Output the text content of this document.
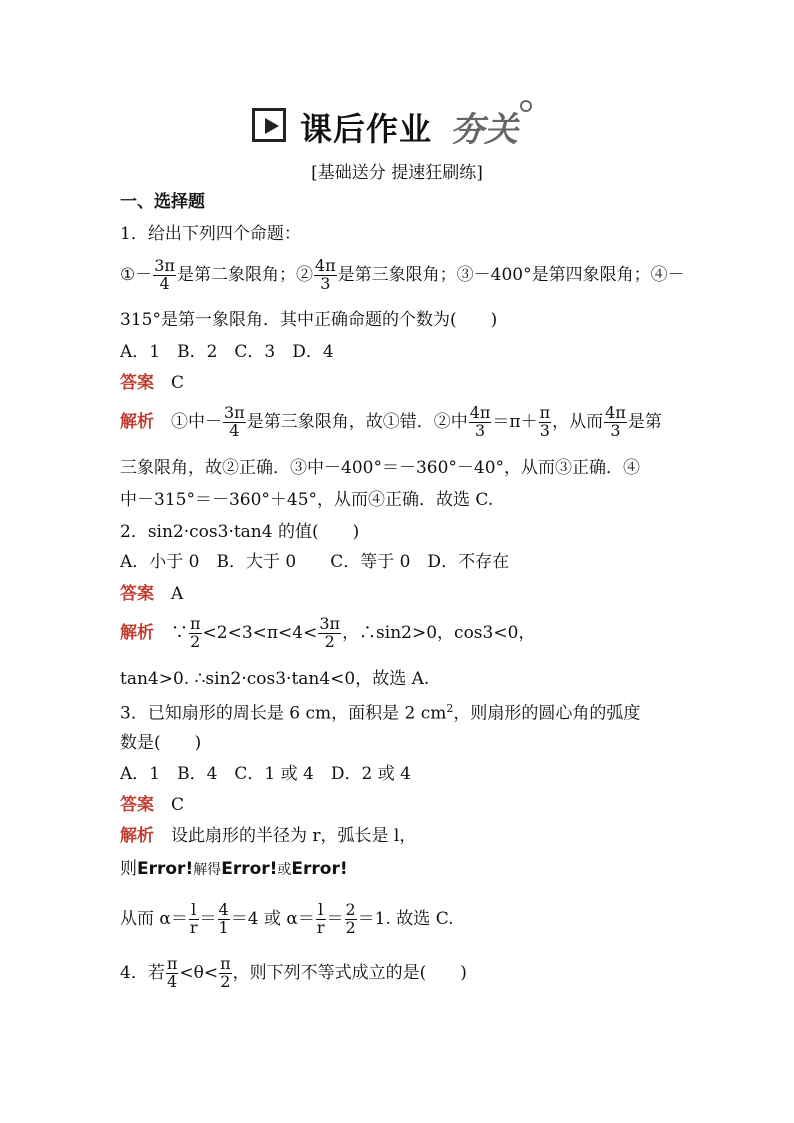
课后作业 夯关
[基础送分 提速狂刷练]
一、选择题
1．给出下列四个命题：
①－ $\frac{3\pi}{4}$ 是第二象限角；② $\frac{4\pi}{3}$ 是第三象限角；③－400°是第四象限角；④－
315°是第一象限角．其中正确命题的个数为(　　)
A．1　B．2　C．3　D．4
答案　 C
解析　 ①中－ $\frac{3\pi}{4}$ 是第三象限角，故①错．②中 $\frac{4\pi}{3} =\pi+ \frac{\pi}{3}$ ，从而 $\frac{4\pi}{3}$ 是第
三象限角，故②正确．③中－400°＝－360°－40°，从而③正确．④
中－315°＝－360°＋45°，从而④正确．故选 C.
2．sin2·cos3·tan4 的值(　　)
A．小于 0　B．大于 0　　C．等于 0　D．不存在
答案　 A
解析　 ∵ $\frac{\pi}{2} <2<3<\pi<4< \frac{3\pi}{2}$ ，∴sin2>0，cos3<0，
tan4>0. ∴sin2·cos3·tan4<0，故选 A.
3．已知扇形的周长是 6 cm，面积是 2 $cm^2$，则扇形的圆心角的弧度
数是(　　)
A．1　B．4　C．1 或 4　D．2 或 4
答案　 C
解析　 设此扇形的半径为 r，弧长是 l，
则Error!解得Error!或Error!
从而 $\alpha= \frac{l}{r} = \frac{4}{1} =4$ 或 $\alpha= \frac{l}{r} = \frac{2}{2} =1$. 故选 C.
4．若 $\frac{\pi}{4} <\theta< \frac{\pi}{2}$ ，则下列不等式成立的是(　　)
